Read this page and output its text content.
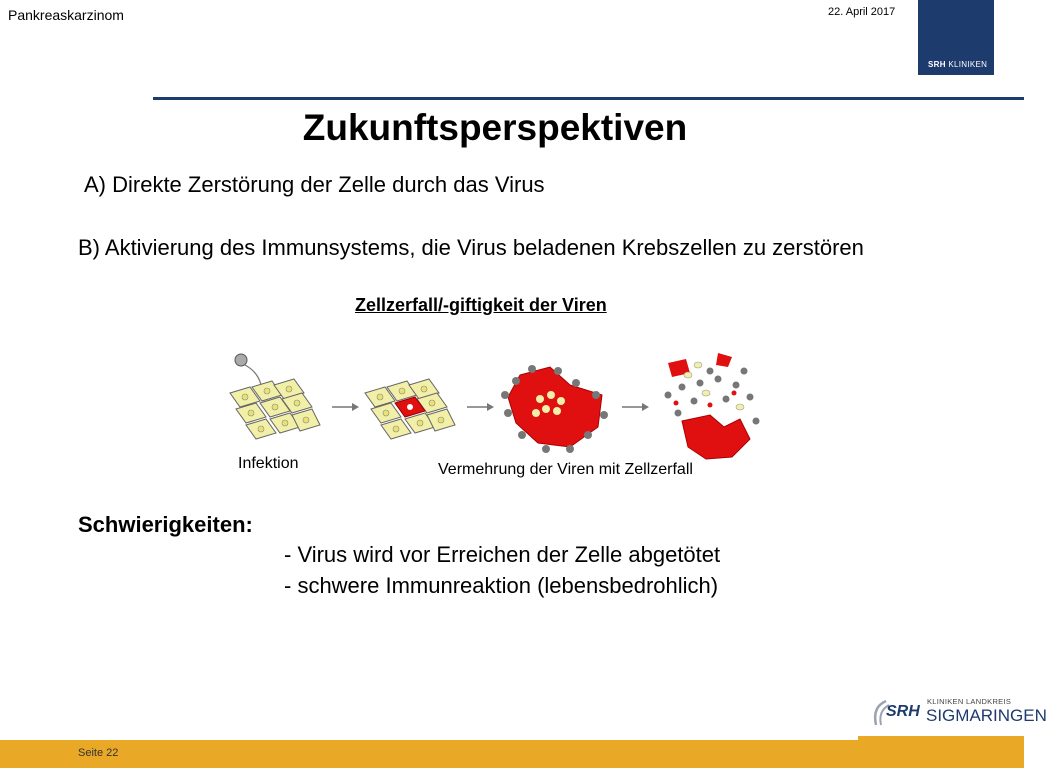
Pankreaskarzinom	22. April 2017
SRH KLINIKEN
Zukunftsperspektiven
A) Direkte Zerstörung der Zelle durch das Virus
B) Aktivierung des Immunsystems, die Virus beladenen Krebszellen zu zerstören
Zellzerfall/-giftigkeit der Viren
Infektion	Vermehrung der Viren mit Zellzerfall
Schwierigkeiten:
- Virus wird vor Erreichen der Zelle abgetötet
- schwere Immunreaktion (lebensbedrohlich)
SRH
KLINIKEN LANDKREIS
SIGMARINGEN
Seite 22
